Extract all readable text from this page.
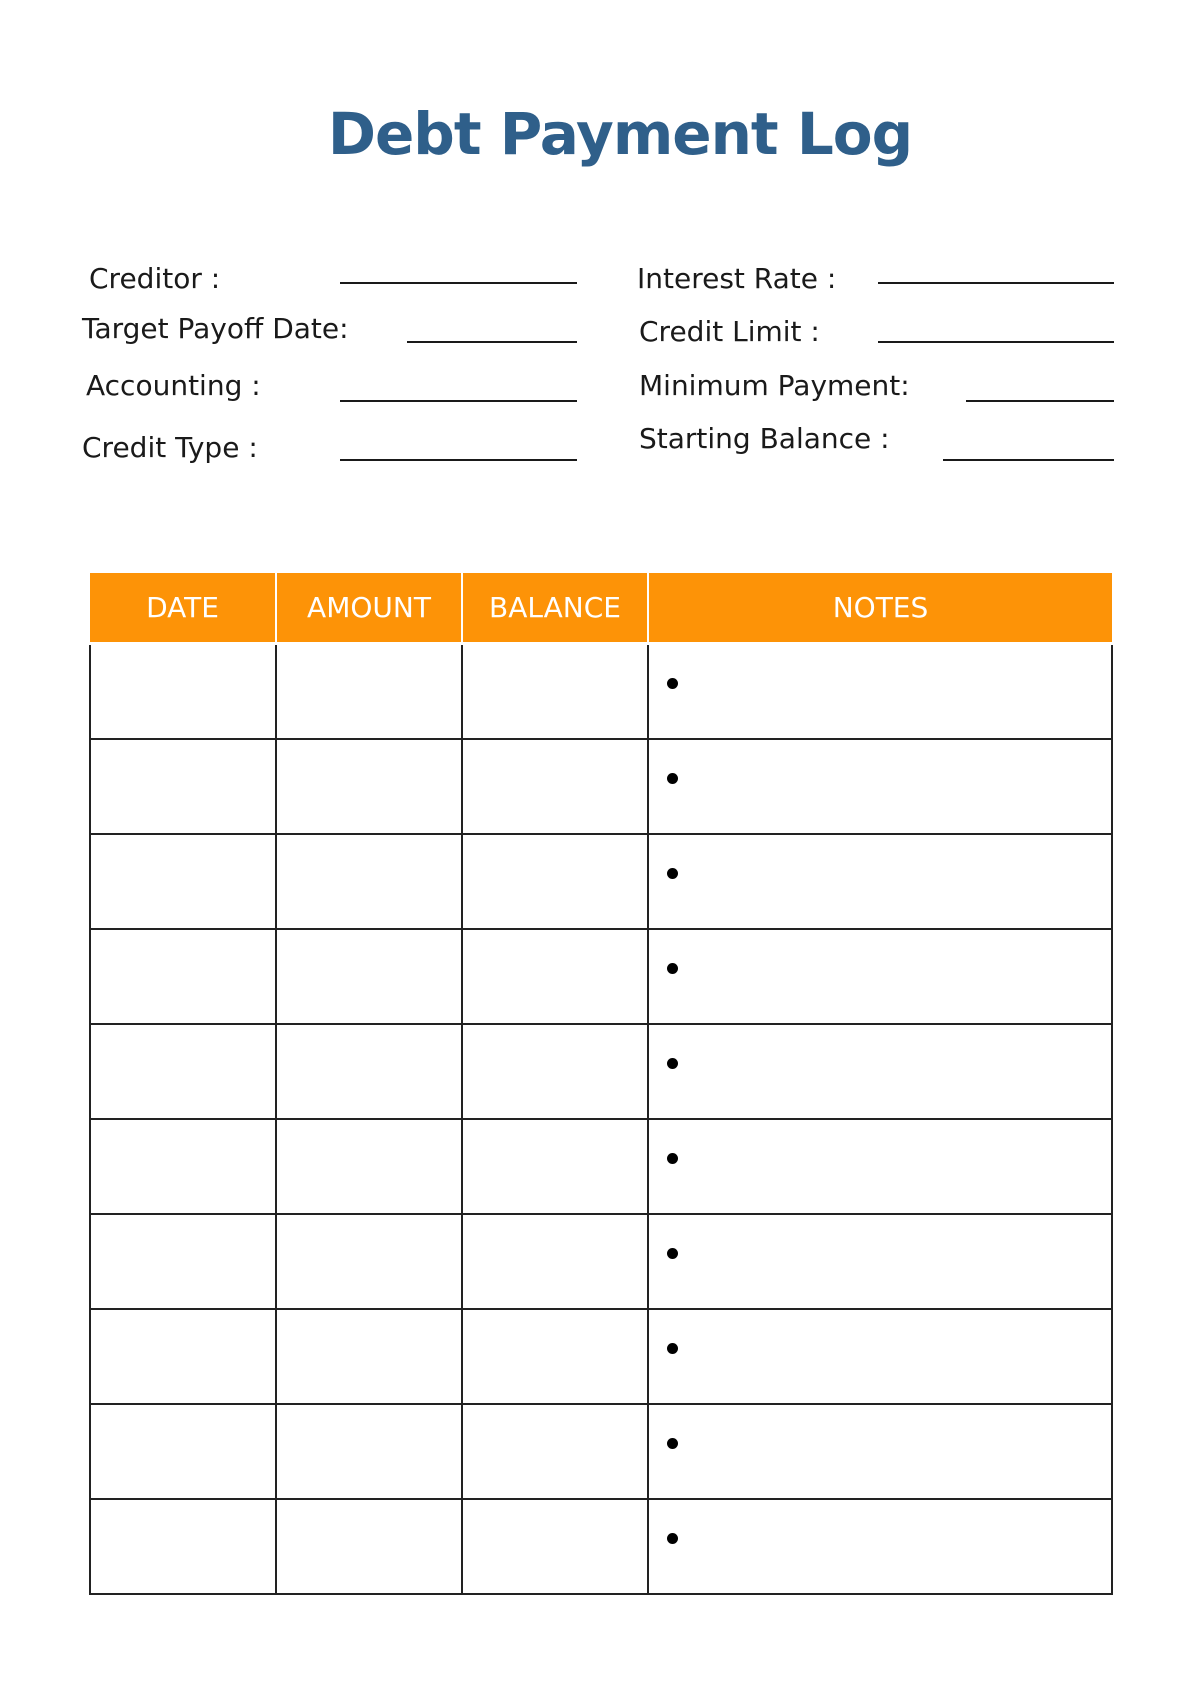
Debt Payment Log
Creditor :
Target Payoff Date:
Accounting :
Credit Type :
Interest Rate :
Credit Limit :
Minimum Payment:
Starting Balance :
DATE	AMOUNT	BALANCE	NOTES
